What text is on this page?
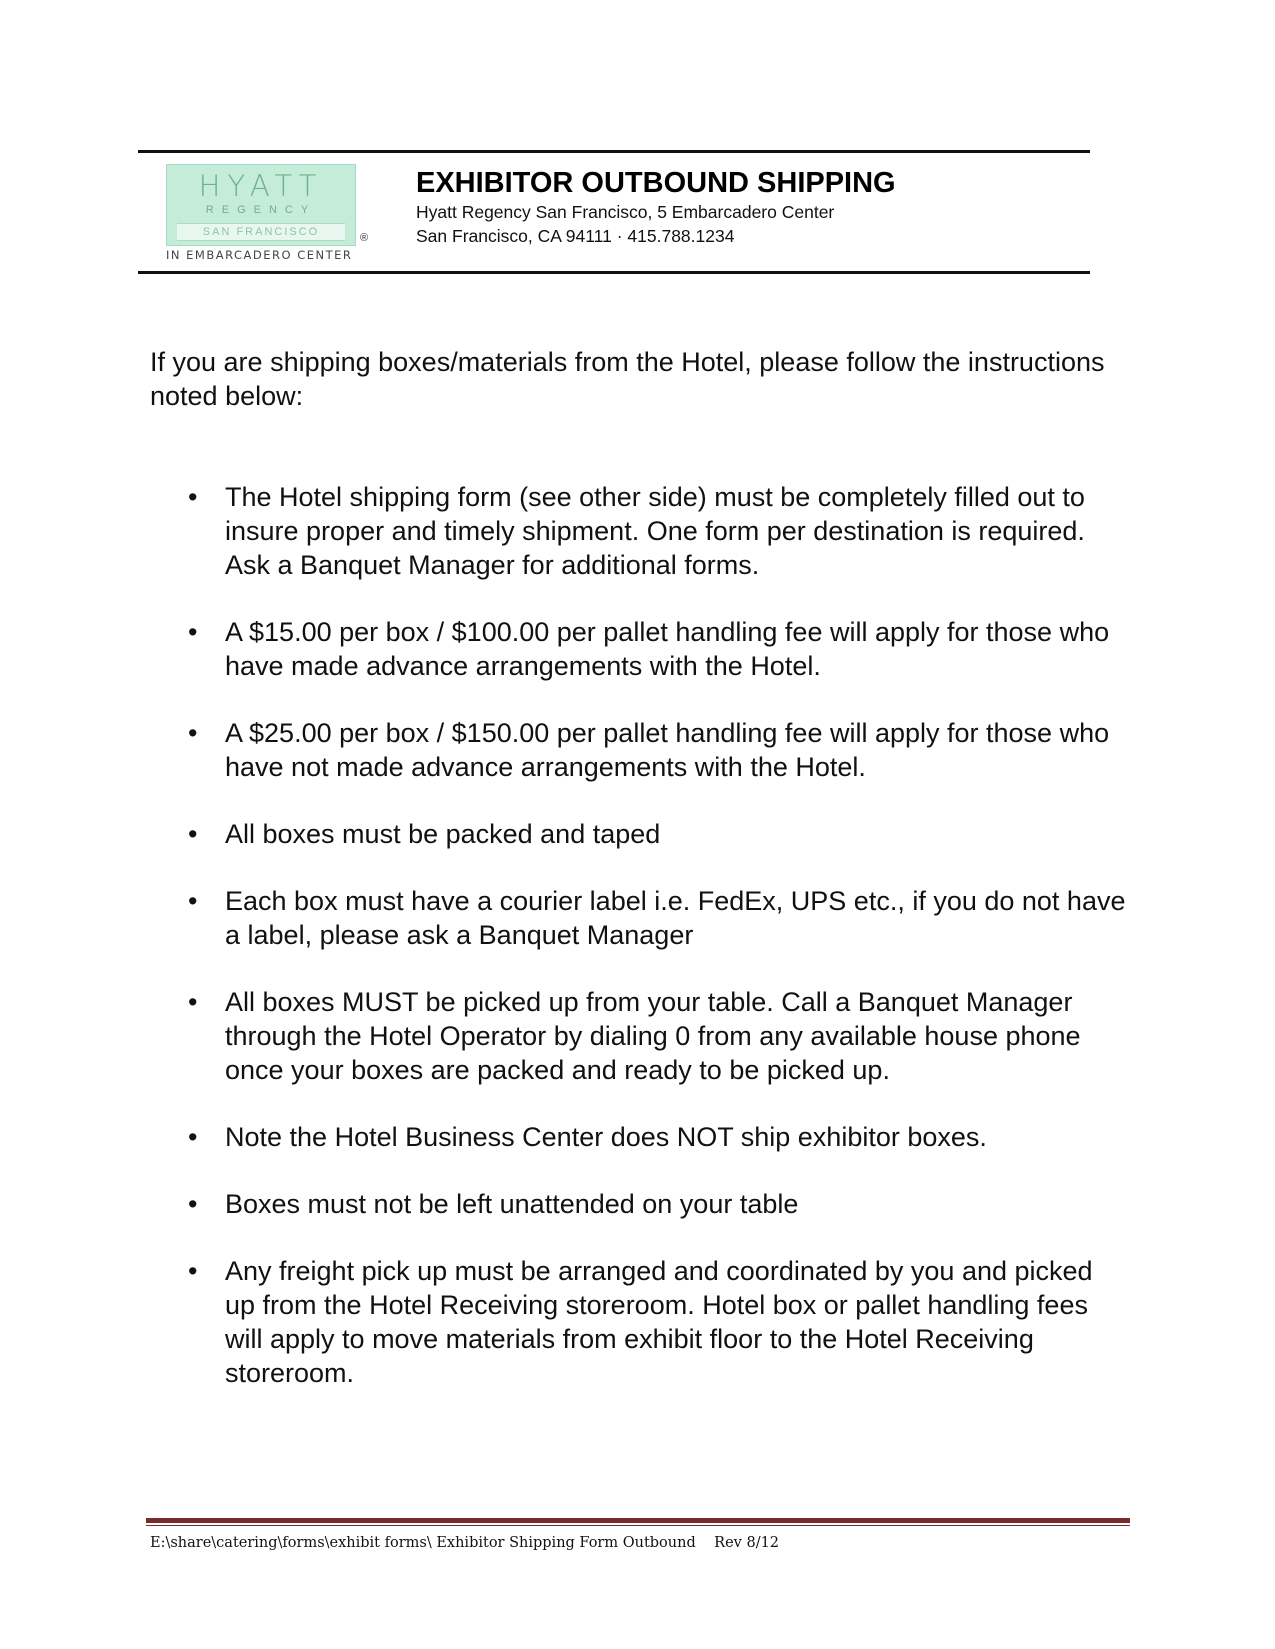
HYATT
REGENCY
SAN FRANCISCO	®
IN EMBARCADERO CENTER
EXHIBITOR OUTBOUND SHIPPING
Hyatt Regency San Francisco, 5 Embarcadero Center
San Francisco, CA 94111 · 415.788.1234
If you are shipping boxes/materials from the Hotel, please follow the instructions noted below:
• The Hotel shipping form (see other side) must be completely filled out to insure proper and timely shipment. One form per destination is required. Ask a Banquet Manager for additional forms.
• A $15.00 per box / $100.00 per pallet handling fee will apply for those who have made advance arrangements with the Hotel.
• A $25.00 per box / $150.00 per pallet handling fee will apply for those who have not made advance arrangements with the Hotel.
• All boxes must be packed and taped
• Each box must have a courier label i.e. FedEx, UPS etc., if you do not have a label, please ask a Banquet Manager
• All boxes MUST be picked up from your table. Call a Banquet Manager through the Hotel Operator by dialing 0 from any available house phone once your boxes are packed and ready to be picked up.
• Note the Hotel Business Center does NOT ship exhibitor boxes.
• Boxes must not be left unattended on your table
• Any freight pick up must be arranged and coordinated by you and picked up from the Hotel Receiving storeroom. Hotel box or pallet handling fees will apply to move materials from exhibit floor to the Hotel Receiving storeroom.
E:\share\catering\forms\exhibit forms\ Exhibitor Shipping Form Outbound    Rev 8/12
